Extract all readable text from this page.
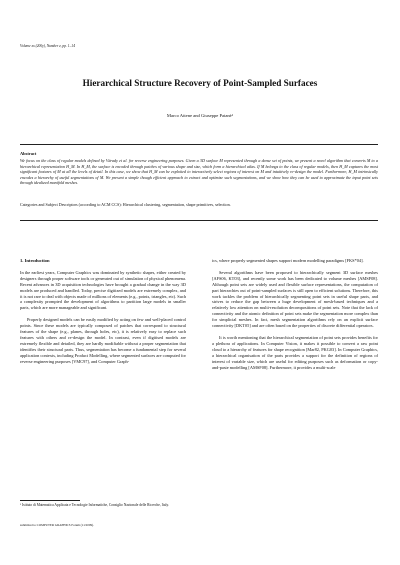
Volume xx (200y), Number z, pp. 1–14
Hierarchical Structure Recovery of Point-Sampled Surfaces
Marco Attene and Giuseppe Patanè¹
Abstract
We focus on the class of regular models defined by Várady et al. for reverse engineering purposes. Given a 3D surface M represented through a dense set of points, we present a novel algorithm that converts M to a hierarchical representation H_M. In H_M, the surface is encoded through patches of various shape and size, which form a hierarchical atlas. If M belongs to the class of regular models, then H_M captures the most significant features of M at all the levels of detail. In this case, we show that H_M can be exploited to interactively select regions of interest on M and intuitively re-design the model. Furthermore, H_M intrinsically encodes a hierarchy of useful segmentations of M. We present a simple though efficient approach to extract and optimize such segmentations, and we show how they can be used to approximate the input point sets through idealized manifold meshes.
Categories and Subject Descriptors (according to ACM CCS): Hierarchical clustering, segmentation, shape primitives, selection.
1. Introduction

In the earliest years, Computer Graphics was dominated by synthetic shapes, either created by designers through proper software tools or generated out of simulation of physical phenomena. Recent advances in 3D acquisition technologies have brought a gradual change in the way 3D models are produced and handled. Today, precise digitized models are extremely complex, and it is not rare to deal with objects made of millions of elements (e.g., points, triangles, etc). Such a complexity prompted the development of algorithms to partition large models in smaller parts, which are more manageable and significant.

Properly designed models can be easily modified by acting on few and well-placed control points. Since these models are typically composed of patches that correspond to structural features of the shape (e.g., planes, through holes, etc), it is relatively easy to replace such features with others and re-design the model. In contrast, even if digitised models are extremely flexible and detailed, they are hardly modifiable without a proper segmentation that identifies their structural parts. Thus, segmentation has become a fundamental step for several application contexts, including Product Modelling, where segmented surfaces are computed for reverse engineering purposes [VMC97], and Computer Graph-

ics, where properly segmented shapes support modern modelling paradigms [FKS*04].

Several algorithms have been proposed to hierarchically segment 3D surface meshes [AFS06, KT03], and recently some work has been dedicated to volume meshes [AMSF08]. Although point sets are widely used and flexible surface representations, the computation of part hierarchies out of point-sampled surfaces is still open to efficient solutions. Therefore, this work tackles the problem of hierarchically segmenting point sets in useful shape parts, and strives to reduce the gap between a huge development of mesh-based techniques and a relatively low attention on multi-resolution decompositions of point sets. Note that the lack of connectivity and the atomic definition of point sets make the segmentation more complex than for simplicial meshes. In fact, mesh segmentation algorithms rely on an explicit surface connectivity [DKT05] and are often based on the properties of discrete differential operators.

It is worth mentioning that the hierarchical segmentation of point sets provides benefits for a plethora of applications. In Computer Vision, it makes it possible to convert a raw point cloud to a hierarchy of features for shape recognition [Mar82, PKG03]. In Computer Graphics, a hierarchical organisation of the parts provides a support for the definition of regions of interest of variable size, which are useful for editing purposes such as deformation or copy-and-paste modelling [AMSF08]. Furthermore, it provides a multi-scale

¹ Istituto di Matematica Applicata e Tecnologie Informatiche, Consiglio Nazionale delle Ricerche, Italy.
submitted to COMPUTER GRAPHICS Forum (11/2009).
